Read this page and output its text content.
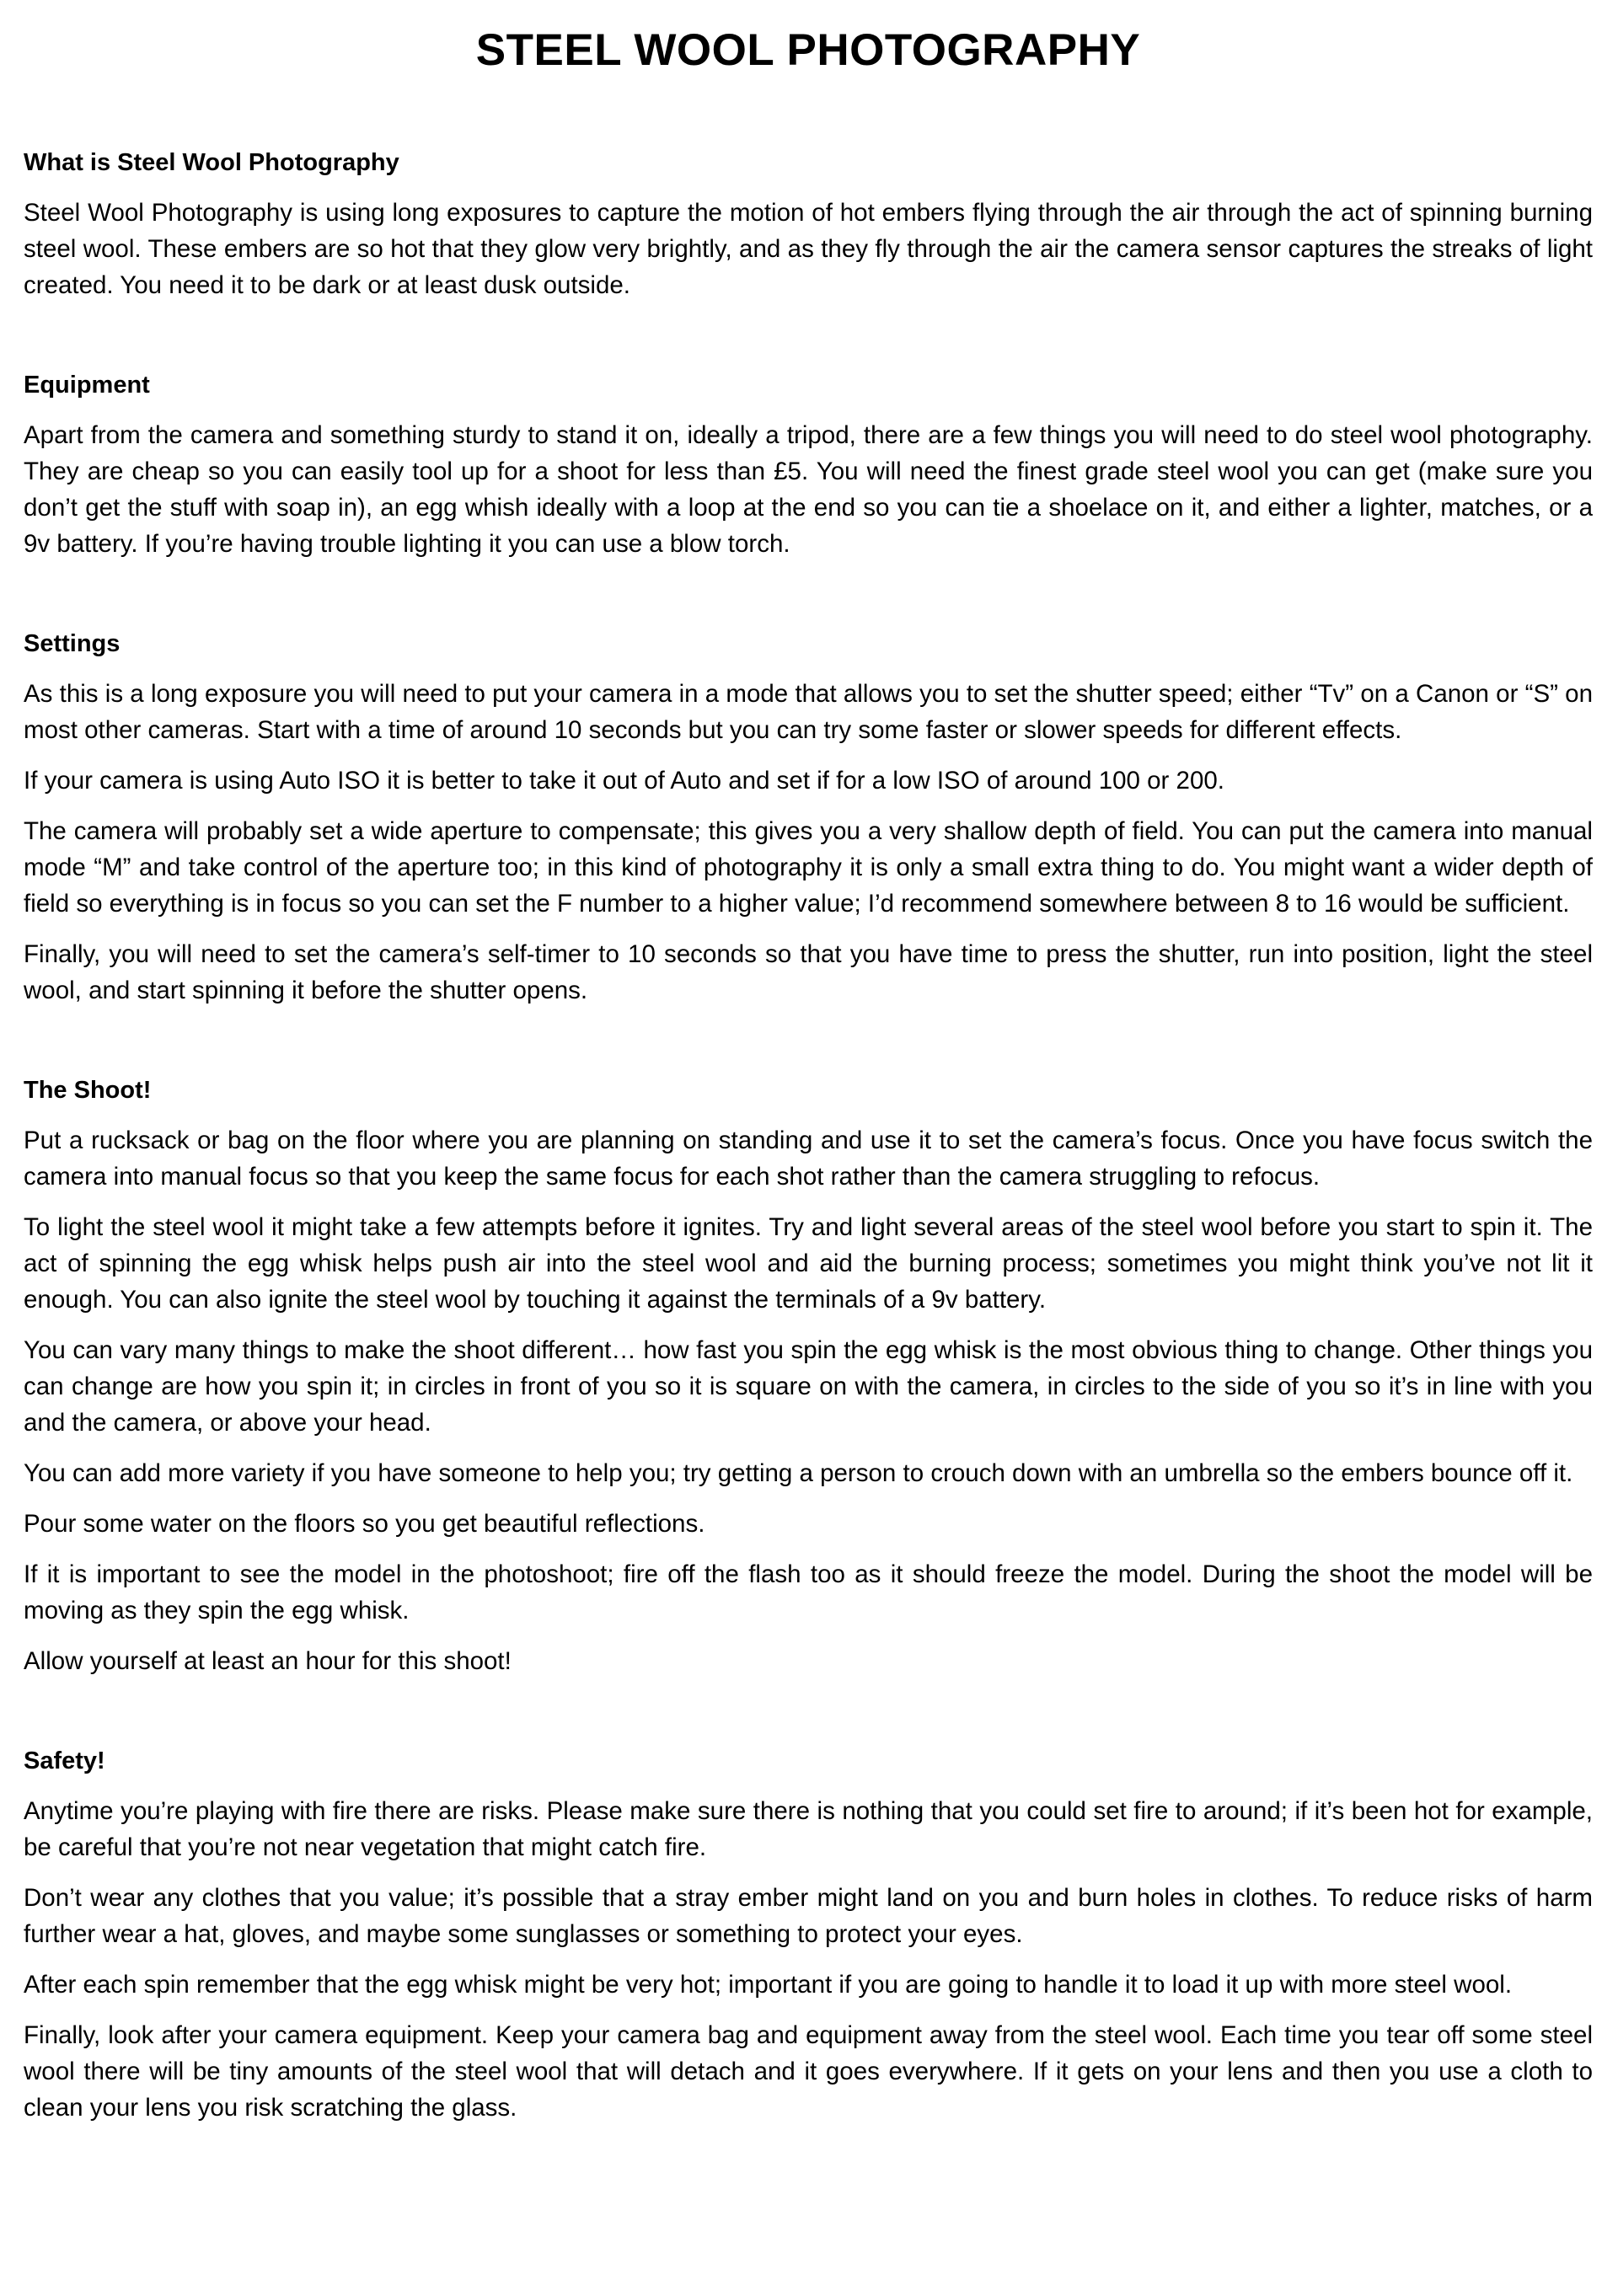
STEEL WOOL PHOTOGRAPHY
What is Steel Wool Photography

Steel Wool Photography is using long exposures to capture the motion of hot embers flying through the air through the act of spinning burning steel wool. These embers are so hot that they glow very brightly, and as they fly through the air the camera sensor captures the streaks of light created. You need it to be dark or at least dusk outside.

Equipment

Apart from the camera and something sturdy to stand it on, ideally a tripod, there are a few things you will need to do steel wool photography. They are cheap so you can easily tool up for a shoot for less than £5. You will need the finest grade steel wool you can get (make sure you don’t get the stuff with soap in), an egg whish ideally with a loop at the end so you can tie a shoelace on it, and either a lighter, matches, or a 9v battery. If you’re having trouble lighting it you can use a blow torch.

Settings

As this is a long exposure you will need to put your camera in a mode that allows you to set the shutter speed; either “Tv” on a Canon or “S” on most other cameras. Start with a time of around 10 seconds but you can try some faster or slower speeds for different effects.

If your camera is using Auto ISO it is better to take it out of Auto and set if for a low ISO of around 100 or 200.

The camera will probably set a wide aperture to compensate; this gives you a very shallow depth of field. You can put the camera into manual mode “M” and take control of the aperture too; in this kind of photography it is only a small extra thing to do. You might want a wider depth of field so everything is in focus so you can set the F number to a higher value; I’d recommend somewhere between 8 to 16 would be sufficient.

Finally, you will need to set the camera’s self-timer to 10 seconds so that you have time to press the shutter, run into position, light the steel wool, and start spinning it before the shutter opens.

The Shoot!

Put a rucksack or bag on the floor where you are planning on standing and use it to set the camera’s focus. Once you have focus switch the camera into manual focus so that you keep the same focus for each shot rather than the camera struggling to refocus.

To light the steel wool it might take a few attempts before it ignites. Try and light several areas of the steel wool before you start to spin it. The act of spinning the egg whisk helps push air into the steel wool and aid the burning process; sometimes you might think you’ve not lit it enough. You can also ignite the steel wool by touching it against the terminals of a 9v battery.

You can vary many things to make the shoot different… how fast you spin the egg whisk is the most obvious thing to change. Other things you can change are how you spin it; in circles in front of you so it is square on with the camera, in circles to the side of you so it’s in line with you and the camera, or above your head.

You can add more variety if you have someone to help you; try getting a person to crouch down with an umbrella so the embers bounce off it.

Pour some water on the floors so you get beautiful reflections.

If it is important to see the model in the photoshoot; fire off the flash too as it should freeze the model. During the shoot the model will be moving as they spin the egg whisk.

Allow yourself at least an hour for this shoot!

Safety!

Anytime you’re playing with fire there are risks. Please make sure there is nothing that you could set fire to around; if it’s been hot for example, be careful that you’re not near vegetation that might catch fire.

Don’t wear any clothes that you value; it’s possible that a stray ember might land on you and burn holes in clothes. To reduce risks of harm further wear a hat, gloves, and maybe some sunglasses or something to protect your eyes.

After each spin remember that the egg whisk might be very hot; important if you are going to handle it to load it up with more steel wool.

Finally, look after your camera equipment. Keep your camera bag and equipment away from the steel wool. Each time you tear off some steel wool there will be tiny amounts of the steel wool that will detach and it goes everywhere. If it gets on your lens and then you use a cloth to clean your lens you risk scratching the glass.
